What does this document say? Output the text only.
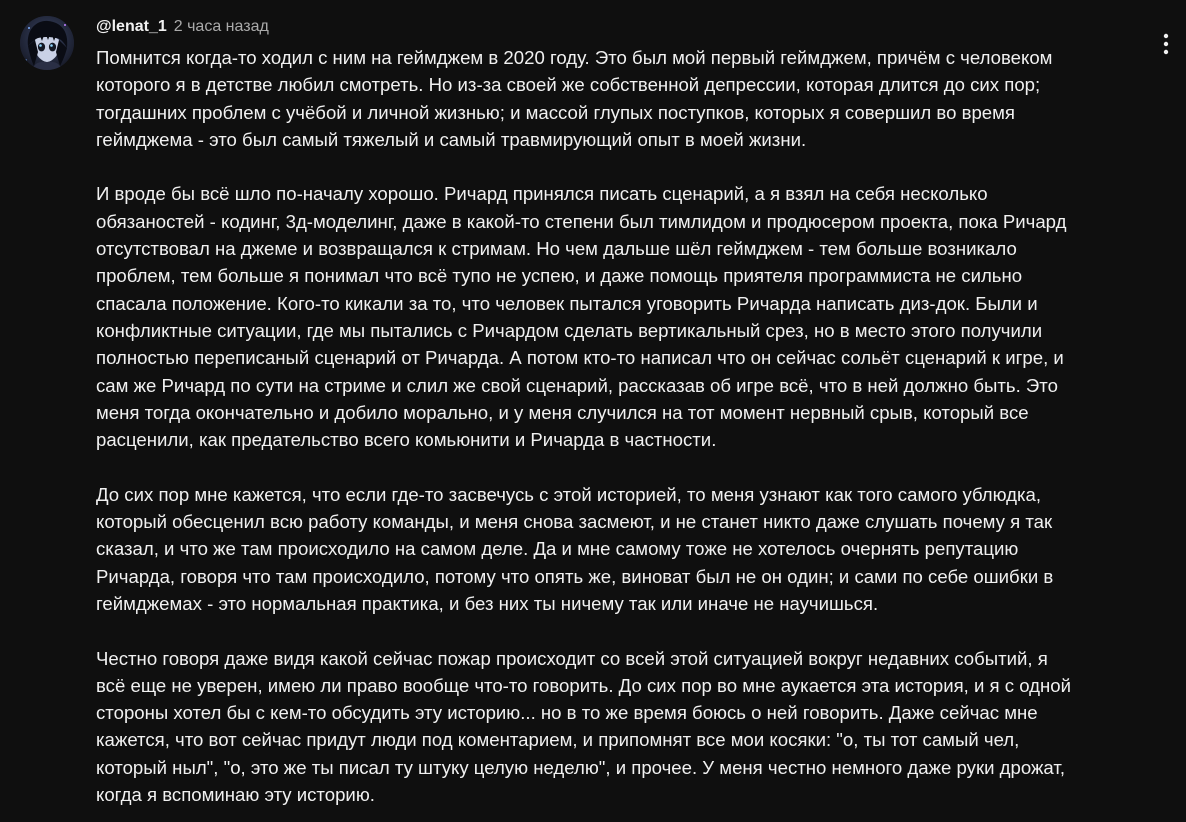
@lenat_1 2 часа назад
Помнится когда-то ходил с ним на геймджем в 2020 году. Это был мой первый геймджем, причём с человеком
которого я в детстве любил смотреть. Но из-за своей же собственной депрессии, которая длится до сих пор;
тогдашних проблем с учёбой и личной жизнью; и массой глупых поступков, которых я совершил во время
геймджема - это был самый тяжелый и самый травмирующий опыт в моей жизни.
И вроде бы всё шло по-началу хорошо. Ричард принялся писать сценарий, а я взял на себя несколько
обязаностей - кодинг, 3д-моделинг, даже в какой-то степени был тимлидом и продюсером проекта, пока Ричард
отсутствовал на джеме и возвращался к стримам. Но чем дальше шёл геймджем - тем больше возникало
проблем, тем больше я понимал что всё тупо не успею, и даже помощь приятеля программиста не сильно
спасала положение. Кого-то кикали за то, что человек пытался уговорить Ричарда написать диз-док. Были и
конфликтные ситуации, где мы пытались с Ричардом сделать вертикальный срез, но в место этого получили
полностью переписаный сценарий от Ричарда. А потом кто-то написал что он сейчас сольёт сценарий к игре, и
сам же Ричард по сути на стриме и слил же свой сценарий, рассказав об игре всё, что в ней должно быть. Это
меня тогда окончательно и добило морально, и у меня случился на тот момент нервный срыв, который все
расценили, как предательство всего комьюнити и Ричарда в частности.
До сих пор мне кажется, что если где-то засвечусь с этой историей, то меня узнают как того самого ублюдка,
который обесценил всю работу команды, и меня снова засмеют, и не станет никто даже слушать почему я так
сказал, и что же там происходило на самом деле. Да и мне самому тоже не хотелось очернять репутацию
Ричарда, говоря что там происходило, потому что опять же, виноват был не он один; и сами по себе ошибки в
геймджемах - это нормальная практика, и без них ты ничему так или иначе не научишься.
Честно говоря даже видя какой сейчас пожар происходит со всей этой ситуацией вокруг недавних событий, я
всё еще не уверен, имею ли право вообще что-то говорить. До сих пор во мне аукается эта история, и я с одной
стороны хотел бы с кем-то обсудить эту историю... но в то же время боюсь о ней говорить. Даже сейчас мне
кажется, что вот сейчас придут люди под коментарием, и припомнят все мои косяки: "о, ты тот самый чел,
который ныл", "о, это же ты писал ту штуку целую неделю", и прочее. У меня честно немного даже руки дрожат,
когда я вспоминаю эту историю.
